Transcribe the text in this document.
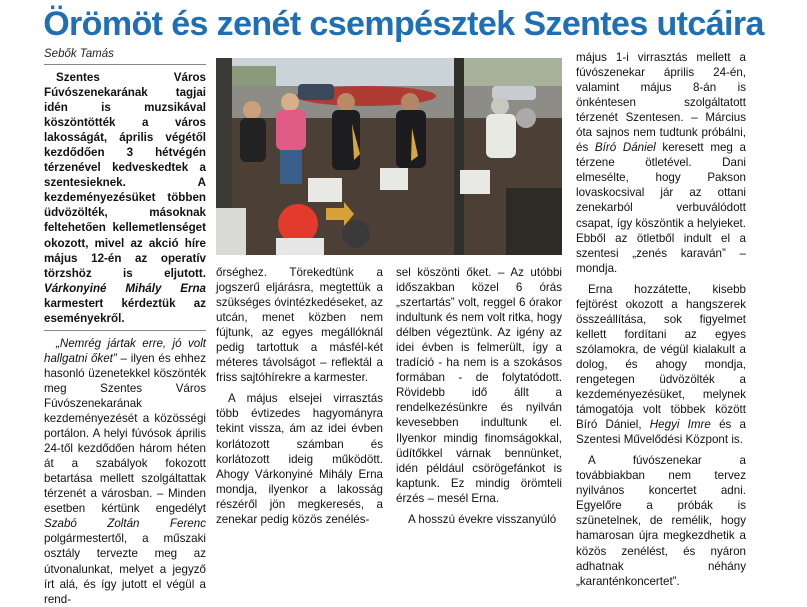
Örömöt és zenét csempésztek Szentes utcáira
Sebők Tamás

Szentes Város Fúvószenekarának tagjai idén is muzsikával köszöntötték a város lakosságát, április végétől kezdődően 3 hétvégén térzenével kedveskedtek a szentesieknek. A kezdeményezésüket többen üdvözölték, másoknak feltehetően kellemetlenséget okozott, mivel az akció híre május 12-én az operatív törzshöz is eljutott. Várkonyiné Mihály Erna karmestert kérdeztük az eseményekről.

„Nemrég jártak erre, jó volt hallgatni őket” – ilyen és ehhez hasonló üzenetekkel köszönték meg Szentes Város Fúvószenekarának kezdeményezését a közösségi portálon. A helyi fúvósok április 24-től kezdődően három héten át a szabályok fokozott betartása mellett szolgáltattak térzenét a városban. – Minden esetben kértünk engedélyt Szabó Zoltán Ferenc polgármestertől, a műszaki osztály tervezte meg az útvonalunkat, melyet a jegyző írt alá, és így jutott el végül a rend-

őrséghez. Törekedtünk a jogszerű eljárásra, megtettük a szükséges óvintézkedéseket, az utcán, menet közben nem fújtunk, az egyes megállóknál pedig tartottuk a másfél-két méteres távolságot – reflektál a friss sajtóhírekre a karmester.

A május elsejei virrasztás több évtizedes hagyományra tekint vissza, ám az idei évben korlátozott számban és korlátozott ideig működött. Ahogy Várkonyiné Mihály Erna mondja, ilyenkor a lakosság részéről jön megkeresés, a zenekar pedig közös zenélés-

sel köszönti őket. – Az utóbbi időszakban közel 6 órás „szertartás” volt, reggel 6 órakor indultunk és nem volt ritka, hogy délben végeztünk. Az igény az idei évben is felmerült, így a tradíció - ha nem is a szokásos formában - de folytatódott. Rövidebb idő állt a rendelkezésünkre és nyilván kevesebben indultunk el. Ilyenkor mindig finomságokkal, üdítőkkel várnak bennünket, idén például csörögefánkot is kaptunk. Ez mindig örömteli érzés – mesél Erna.

A hosszú évekre visszanyúló

május 1-i virrasztás mellett a fúvószenekar április 24-én, valamint május 8-án is önkéntesen szolgáltatott térzenét Szentesen. – Március óta sajnos nem tudtunk próbálni, és Bíró Dániel keresett meg a térzene ötletével. Dani elmesélte, hogy Pakson lovaskocsival jár az ottani zenekarból verbuválódott csapat, így köszöntik a helyieket. Ebből az ötletből indult el a szentesi „zenés karaván” – mondja.

Erna hozzátette, kisebb fejtörést okozott a hangszerek összeállítása, sok figyelmet kellett fordítani az egyes szólamokra, de végül kialakult a dolog, és ahogy mondja, rengetegen üdvözölték a kezdeményezésüket, melynek támogatója volt többek között Bíró Dániel, Hegyi Imre és a Szentesi Művelődési Központ is.

A fúvószenekar a továbbiakban nem tervez nyilvános koncertet adni. Egyelőre a próbák is szünetelnek, de remélik, hogy hamarosan újra megkezdhetik a közös zenélést, és nyáron adhatnak néhány „karanténkoncertet”.
